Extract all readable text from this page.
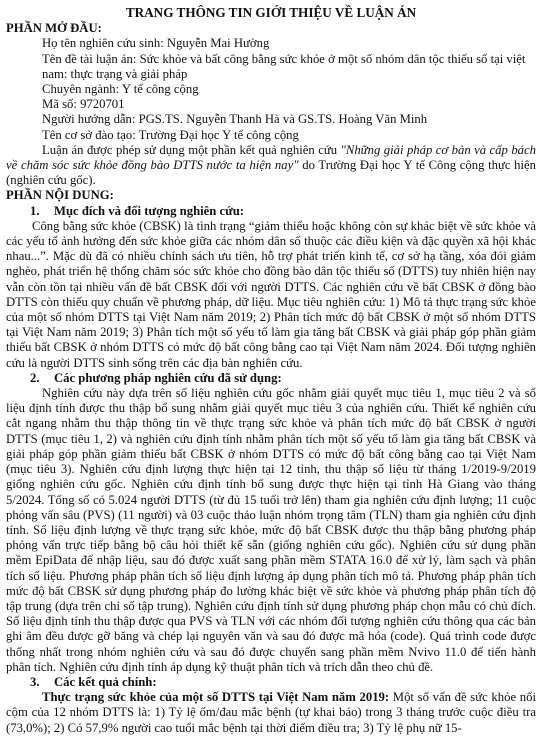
TRANG THÔNG TIN GIỚI THIỆU VỀ LUẬN ÁN
PHẦN MỞ ĐẦU:

Họ tên nghiên cứu sinh: Nguyễn Mai Hường

Tên đề tài luận án: Sức khỏe và bất công bằng sức khỏe ở một số nhóm dân tộc thiểu số tại việt nam: thực trạng và giải pháp

Chuyên ngành: Y tế công cộng

Mã số: 9720701

Người hướng dẫn: PGS.TS. Nguyễn Thanh Hà và GS.TS. Hoàng Văn Minh

Tên cơ sở đào tạo: Trường Đại học Y tế công cộng

Luận án được phép sử dụng một phần kết quả nghiên cứu "Những giải pháp cơ bản và cấp bách về chăm sóc sức khỏe đồng bào DTTS nước ta hiện nay" do Trường Đại học Y tế Công cộng thực hiện (nghiên cứu gốc).

PHẦN NỘI DUNG:
1. Mục đích và đối tượng nghiên cứu:

Công bằng sức khỏe (CBSK) là tình trạng “giảm thiểu hoặc không còn sự khác biệt về sức khỏe và các yếu tố ảnh hưởng đến sức khỏe giữa các nhóm dân số thuộc các điều kiện và đặc quyền xã hội khác nhau...”. Mặc dù đã có nhiều chính sách ưu tiên, hỗ trợ phát triển kinh tế, cơ sở hạ tầng, xóa đói giảm nghèo, phát triển hệ thống chăm sóc sức khỏe cho đồng bào dân tộc thiểu số (DTTS) tuy nhiên hiện nay vẫn còn tồn tại nhiều vấn đề bất CBSK đối với người DTTS. Các nghiên cứu về bất CBSK ở đồng bào DTTS còn thiếu quy chuẩn về phương pháp, dữ liệu. Mục tiêu nghiên cứu: 1) Mô tả thực trạng sức khỏe của một số nhóm DTTS tại Việt Nam năm 2019; 2) Phân tích mức độ bất CBSK ở một số nhóm DTTS tại Việt Nam năm 2019; 3) Phân tích một số yếu tố làm gia tăng bất CBSK và giải pháp góp phần giảm thiểu bất CBSK ở nhóm DTTS có mức độ bất công bằng cao tại Việt Nam năm 2024. Đối tượng nghiên cứu là người DTTS sinh sống trên các địa bàn nghiên cứu.

2. Các phương pháp nghiên cứu đã sử dụng:

Nghiên cứu này dựa trên số liệu nghiên cứu gốc nhằm giải quyết mục tiêu 1, mục tiêu 2 và số liệu định tính được thu thập bổ sung nhằm giải quyết mục tiêu 3 của nghiên cứu. Thiết kế nghiên cứu cắt ngang nhằm thu thập thông tin về thực trạng sức khỏe và phân tích mức độ bất CBSK ở người DTTS (mục tiêu 1, 2) và nghiên cứu định tính nhằm phân tích một số yếu tố làm gia tăng bất CBSK và giải pháp góp phần giảm thiểu bất CBSK ở nhóm DTTS có mức độ bất công bằng cao tại Việt Nam (mục tiêu 3). Nghiên cứu định lượng thực hiện tại 12 tỉnh, thu thập số liệu từ tháng 1/2019-9/2019 giống nghiên cứu gốc. Nghiên cứu định tính bổ sung được thực hiện tại tỉnh Hà Giang vào tháng 5/2024. Tổng số có 5.024 người DTTS (từ đủ 15 tuổi trở lên) tham gia nghiên cứu định lượng; 11 cuộc phỏng vấn sâu (PVS) (11 người) và 03 cuộc thảo luận nhóm trọng tâm (TLN) tham gia nghiên cứu định tính. Số liệu định lượng về thực trạng sức khỏe, mức độ bất CBSK được thu thập bằng phương pháp phỏng vấn trực tiếp bằng bộ câu hỏi thiết kế sẵn (giống nghiên cứu gốc). Nghiên cứu sử dụng phần mềm EpiData để nhập liệu, sau đó được xuất sang phần mềm STATA 16.0 để xử lý, làm sạch và phân tích số liệu. Phương pháp phân tích số liệu định lượng áp dụng phân tích mô tả. Phương pháp phân tích mức độ bất CBSK sử dụng phương pháp đo lường khác biệt về sức khỏe và phương pháp phân tích độ tập trung (dựa trên chỉ số tập trung). Nghiên cứu định tính sử dụng phương pháp chọn mẫu có chủ đích. Số liệu định tính thu thập được qua PVS và TLN với các nhóm đối tượng nghiên cứu thông qua các bản ghi âm đều được gỡ băng và chép lại nguyên văn và sau đó được mã hóa (code). Quá trình code được thống nhất trong nhóm nghiên cứu và sau đó được chuyển sang phần mềm Nvivo 11.0 để tiến hành phân tích. Nghiên cứu định tính áp dụng kỹ thuật phân tích và trích dẫn theo chủ đề.

3. Các kết quả chính:

Thực trạng sức khỏe của một số DTTS tại Việt Nam năm 2019: Một số vấn đề sức khỏe nổi cộm của 12 nhóm DTTS là: 1) Tỷ lệ ốm/đau mắc bệnh (tự khai báo) trong 3 tháng trước cuộc điều tra (73,0%); 2) Có 57,9% người cao tuổi mắc bệnh tại thời điểm điều tra; 3) Tỷ lệ phụ nữ 15-
